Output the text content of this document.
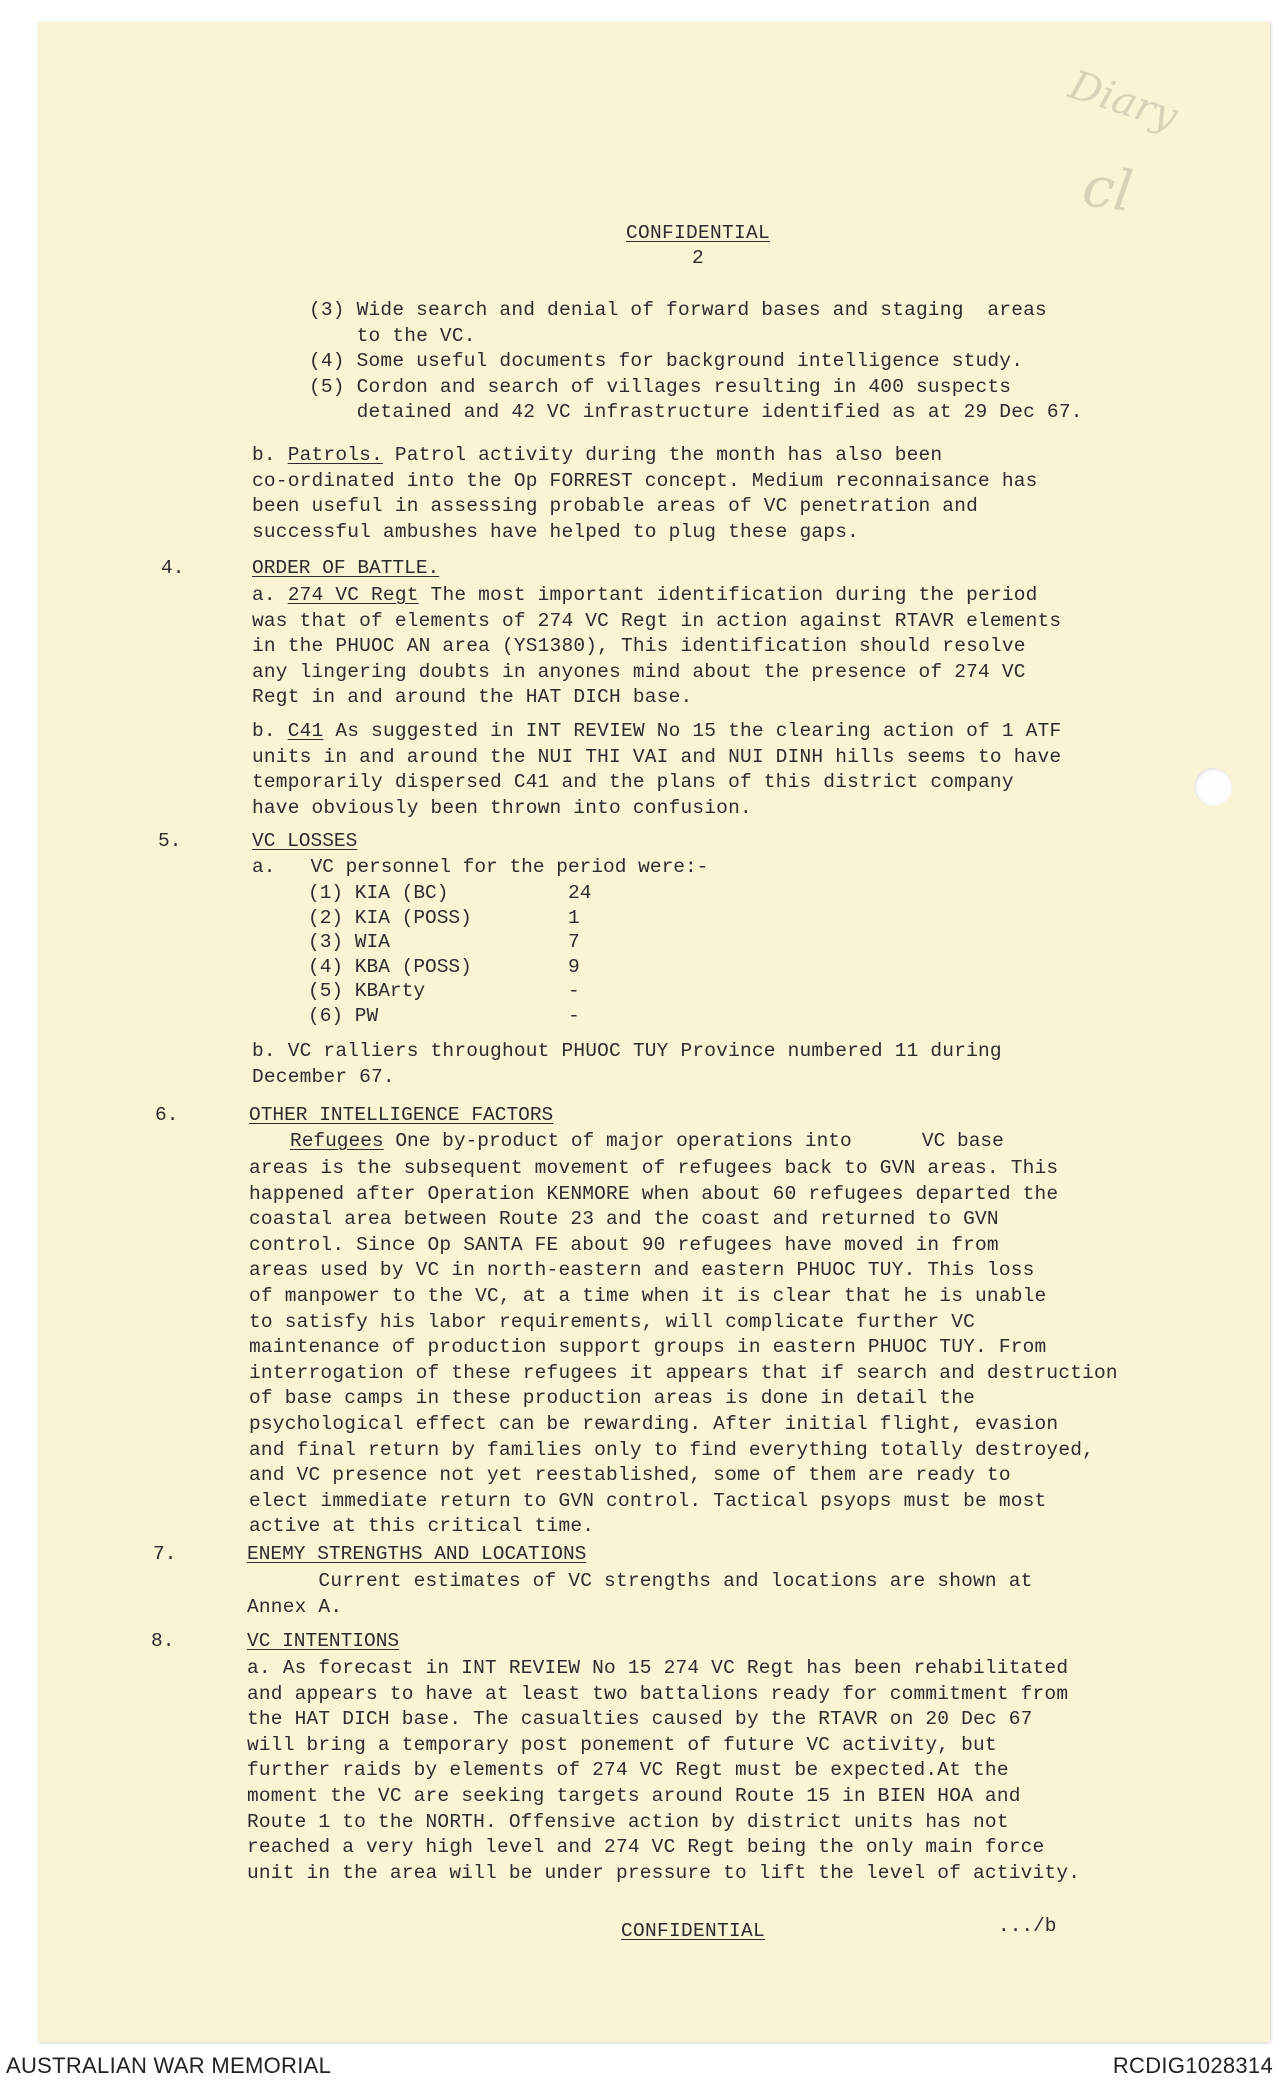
Diary
cl
CONFIDENTIAL
2
(3) Wide search and denial of forward bases and staging  areas
to the VC.
(4) Some useful documents for background intelligence study.
(5) Cordon and search of villages resulting in 400 suspects
detained and 42 VC infrastructure identified as at 29 Dec 67.
b. Patrols. Patrol activity during the month has also been
co-ordinated into the Op FORREST concept. Medium reconnaisance has
been useful in assessing probable areas of VC penetration and
successful ambushes have helped to plug these gaps.
4.	ORDER OF BATTLE.
a. 274 VC Regt The most important identification during the period
was that of elements of 274 VC Regt in action against RTAVR elements
in the PHUOC AN area (YS1380), This identification should resolve
any lingering doubts in anyones mind about the presence of 274 VC
Regt in and around the HAT DICH base.
b. C41 As suggested in INT REVIEW No 15 the clearing action of 1 ATF
units in and around the NUI THI VAI and NUI DINH hills seems to have
temporarily dispersed C41 and the plans of this district company
have obviously been thrown into confusion.
5.	VC LOSSES
a.   VC personnel for the period were:-
(1) KIA (BC)	24
(2) KIA (POSS)	1
(3) WIA	7
(4) KBA (POSS)	9
(5) KBArty	-
(6) PW	-
b. VC ralliers throughout PHUOC TUY Province numbered 11 during
December 67.
6.	OTHER INTELLIGENCE FACTORS
Refugees One by-product of major operations into      VC base
areas is the subsequent movement of refugees back to GVN areas. This
happened after Operation KENMORE when about 60 refugees departed the
coastal area between Route 23 and the coast and returned to GVN
control. Since Op SANTA FE about 90 refugees have moved in from
areas used by VC in north-eastern and eastern PHUOC TUY. This loss
of manpower to the VC, at a time when it is clear that he is unable
to satisfy his labor requirements, will complicate further VC
maintenance of production support groups in eastern PHUOC TUY. From
interrogation of these refugees it appears that if search and destruction
of base camps in these production areas is done in detail the
psychological effect can be rewarding. After initial flight, evasion
and final return by families only to find everything totally destroyed,
and VC presence not yet reestablished, some of them are ready to
elect immediate return to GVN control. Tactical psyops must be most
active at this critical time.
7.	ENEMY STRENGTHS AND LOCATIONS
Current estimates of VC strengths and locations are shown at
Annex A.
8.	VC INTENTIONS
a. As forecast in INT REVIEW No 15 274 VC Regt has been rehabilitated
and appears to have at least two battalions ready for commitment from
the HAT DICH base. The casualties caused by the RTAVR on 20 Dec 67
will bring a temporary post ponement of future VC activity, but
further raids by elements of 274 VC Regt must be expected.At the
moment the VC are seeking targets around Route 15 in BIEN HOA and
Route 1 to the NORTH. Offensive action by district units has not
reached a very high level and 274 VC Regt being the only main force
unit in the area will be under pressure to lift the level of activity.
CONFIDENTIAL	.../b
AUSTRALIAN WAR MEMORIAL	RCDIG1028314
